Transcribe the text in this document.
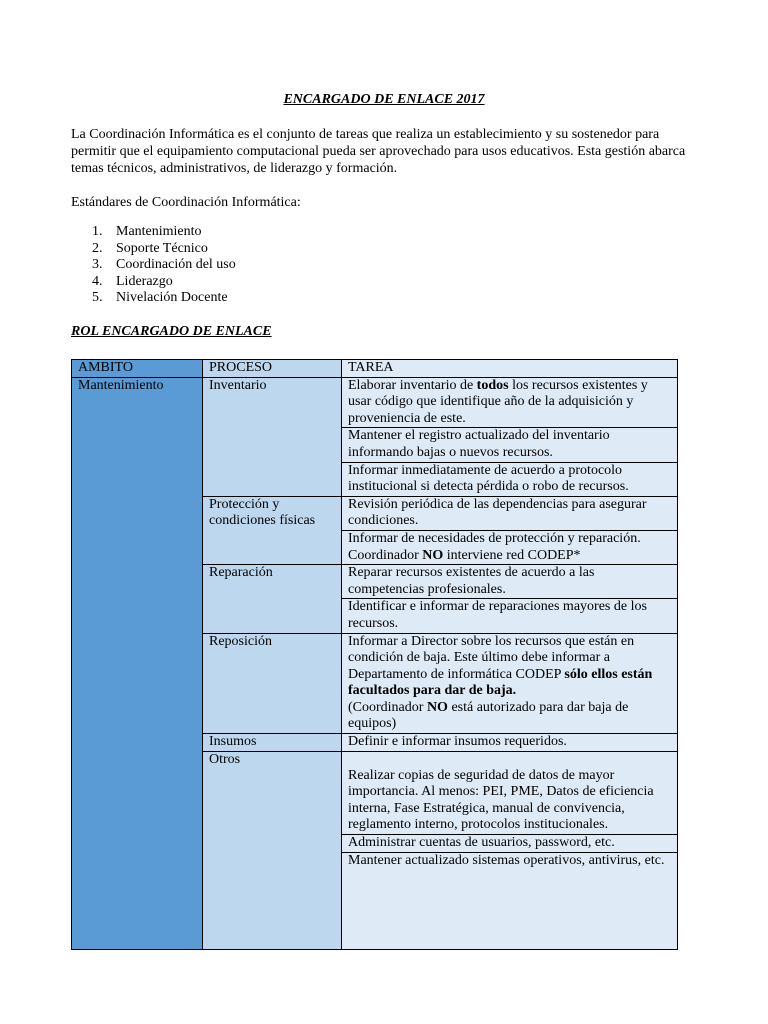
ENCARGADO DE ENLACE 2017
La Coordinación Informática es el conjunto de tareas que realiza un establecimiento y su sostenedor para permitir que el equipamiento computacional pueda ser aprovechado para usos educativos. Esta gestión abarca temas técnicos, administrativos, de liderazgo y formación.
Estándares de Coordinación Informática:
1. Mantenimiento
2. Soporte Técnico
3. Coordinación del uso
4. Liderazgo
5. Nivelación Docente
ROL ENCARGADO DE ENLACE
AMBITO	PROCESO	TAREA
Mantenimiento	Inventario	Elaborar inventario de todos los recursos existentes y usar código que identifique año de la adquisición y proveniencia de este.
		Mantener el registro actualizado del inventario informando bajas o nuevos recursos.
		Informar inmediatamente de acuerdo a protocolo institucional si detecta pérdida o robo de recursos.
	Protección y condiciones físicas	Revisión periódica de las dependencias para asegurar condiciones.
		Informar de necesidades de protección y reparación. Coordinador NO interviene red CODEP*
	Reparación	Reparar recursos existentes de acuerdo a las competencias profesionales.
		Identificar e informar de reparaciones mayores de los recursos.
	Reposición	Informar a Director sobre los recursos que están en condición de baja. Este último debe informar a Departamento de informática CODEP sólo ellos están facultados para dar de baja.
(Coordinador NO está autorizado para dar baja de equipos)
	Insumos	Definir e informar insumos requeridos.
	Otros	Realizar copias de seguridad de datos de mayor importancia. Al menos: PEI, PME, Datos de eficiencia interna, Fase Estratégica, manual de convivencia, reglamento interno, protocolos institucionales.
		Administrar cuentas de usuarios, password, etc.
		Mantener actualizado sistemas operativos, antivirus, etc.
